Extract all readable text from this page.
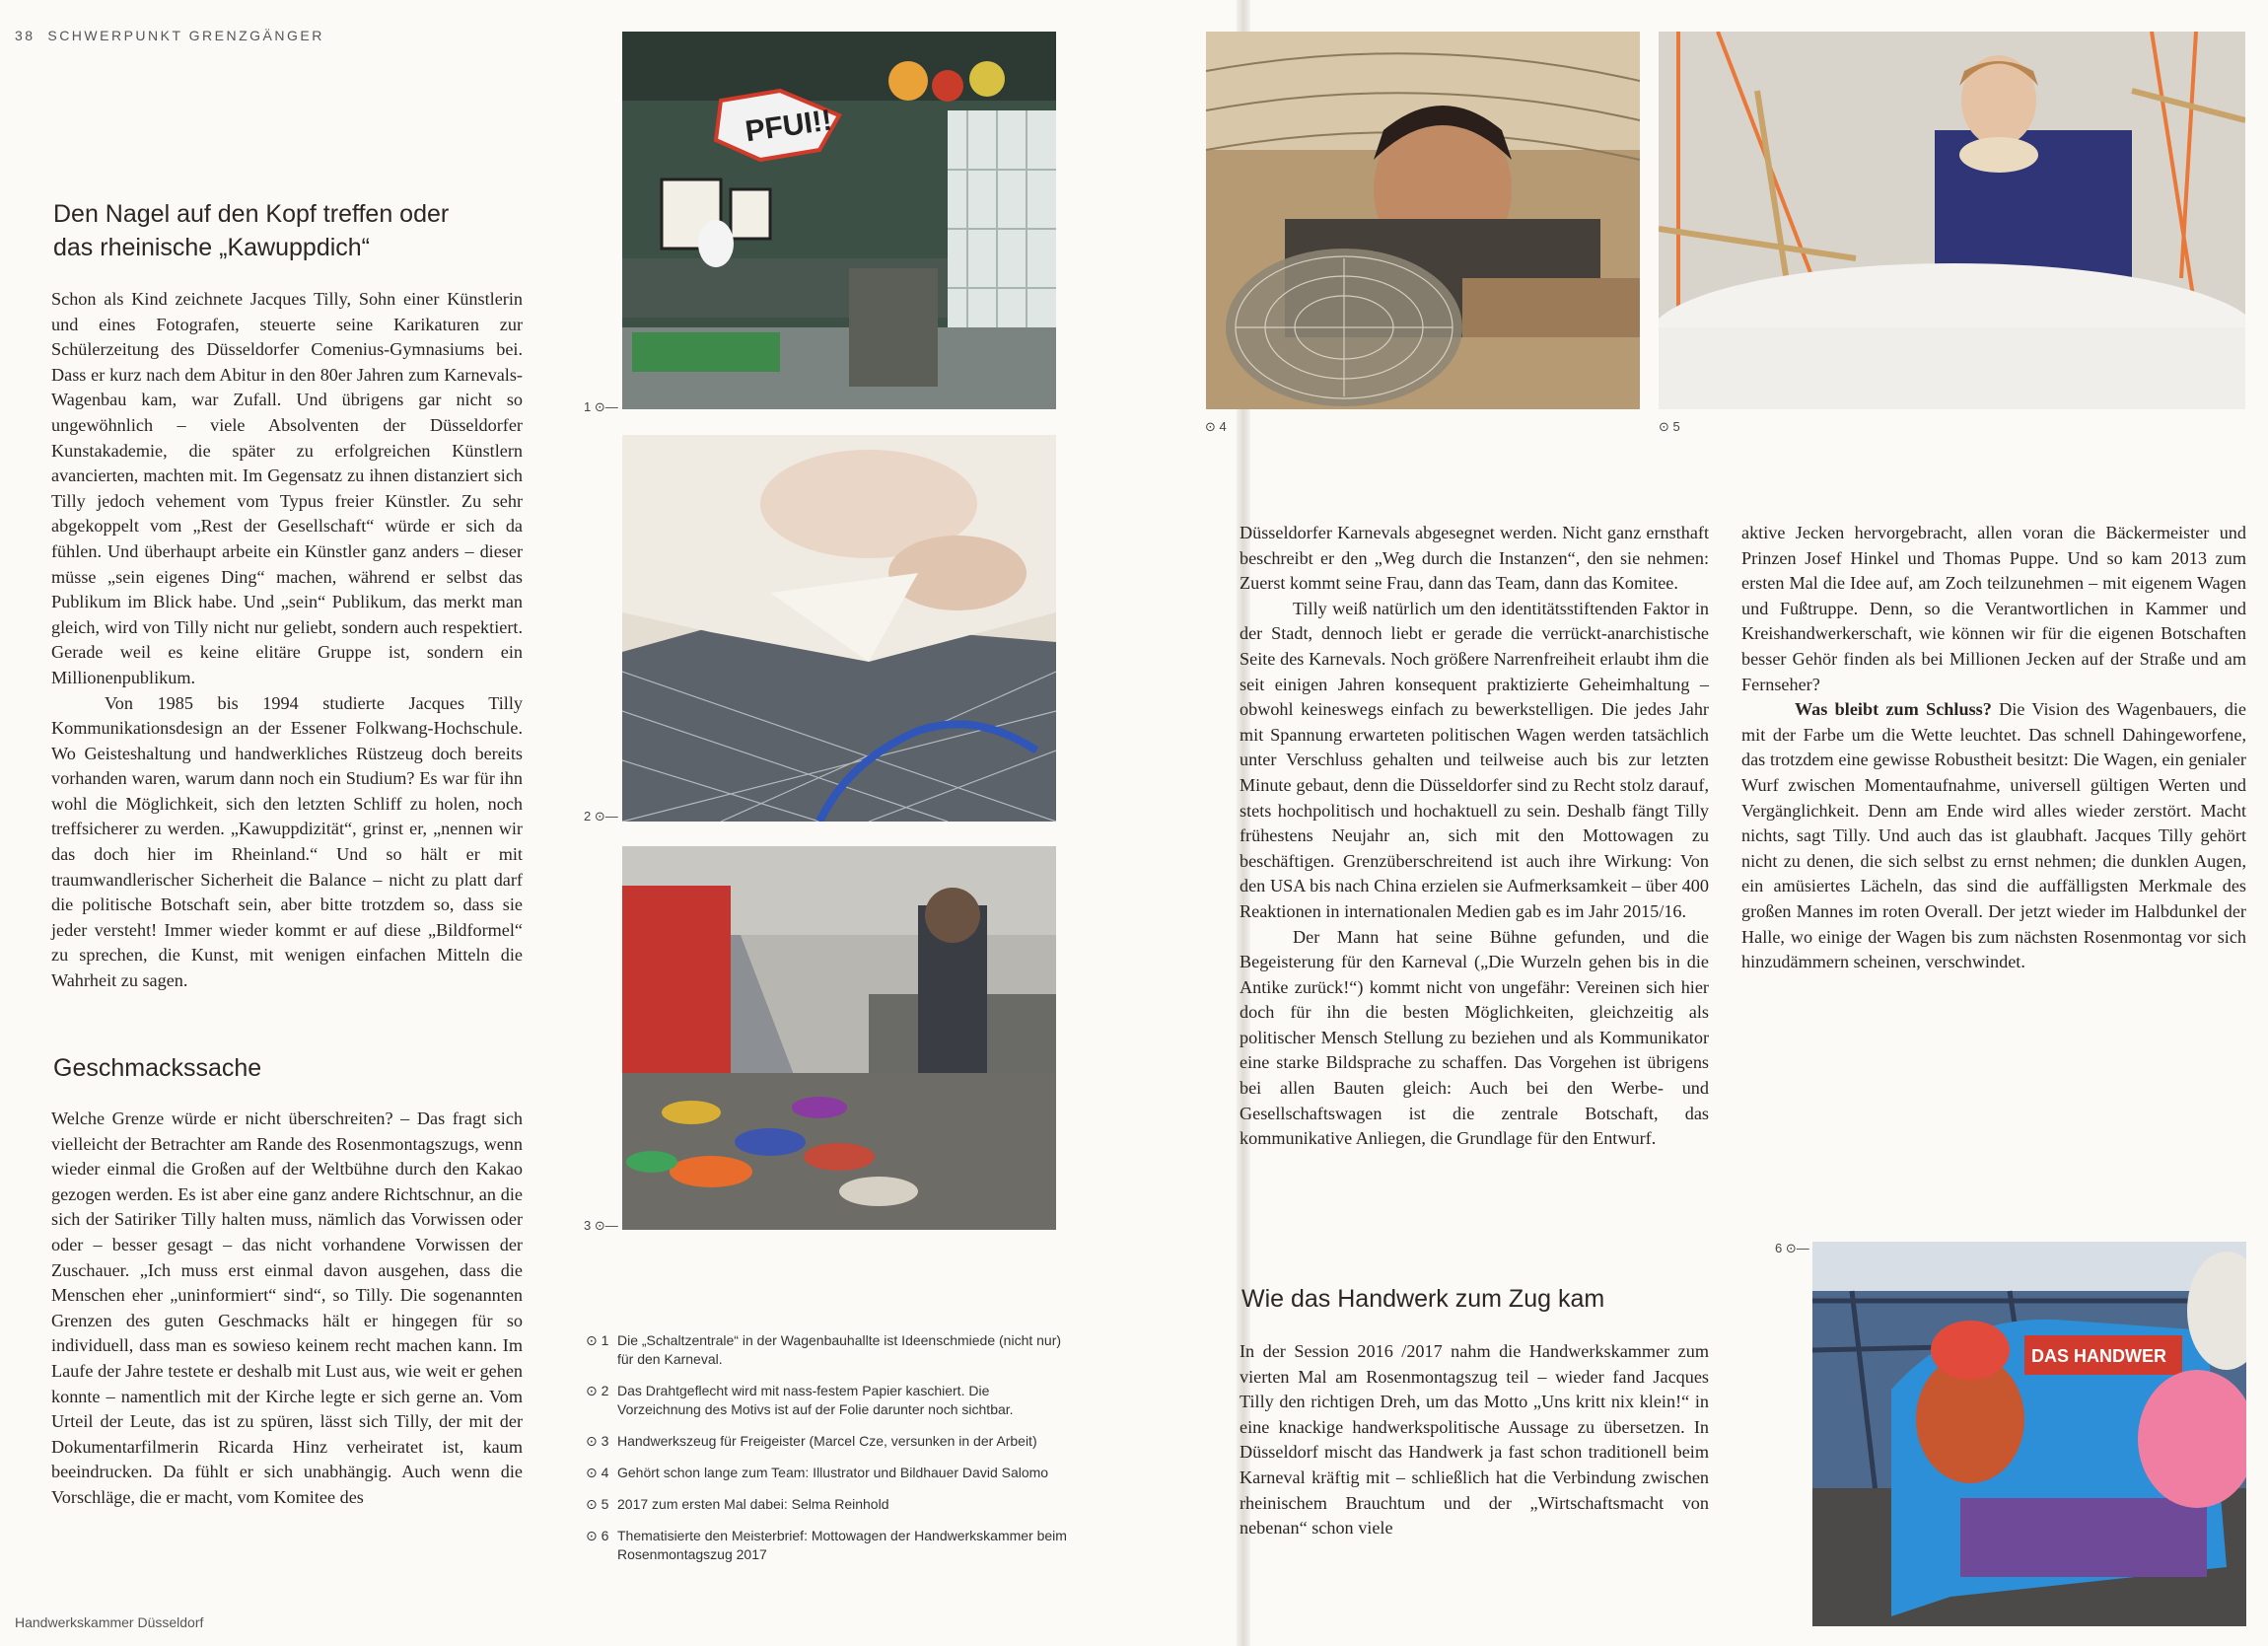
38 SCHWERPUNKT GRENZGÄNGER
Handwerkskammer Düsseldorf
Den Nagel auf den Kopf treffen oder
das rheinische „Kawuppdich“

Schon als Kind zeichnete Jacques Tilly, Sohn einer Künstlerin und eines Fotografen, steuerte seine Karikaturen zur Schülerzeitung des Düsseldorfer Comenius-Gymnasiums bei. Dass er kurz nach dem Abitur in den 80er Jahren zum Karnevals-Wagenbau kam, war Zufall. Und übrigens gar nicht so ungewöhnlich – viele Absolventen der Düsseldorfer Kunstakademie, die später zu erfolgreichen Künstlern avancierten, machten mit. Im Gegensatz zu ihnen distanziert sich Tilly jedoch vehement vom Typus freier Künstler. Zu sehr abgekoppelt vom „Rest der Gesellschaft“ würde er sich da fühlen. Und überhaupt arbeite ein Künstler ganz anders – dieser müsse „sein eigenes Ding“ machen, während er selbst das Publikum im Blick habe. Und „sein“ Publikum, das merkt man gleich, wird von Tilly nicht nur geliebt, sondern auch respektiert. Gerade weil es keine elitäre Gruppe ist, sondern ein Millionenpublikum.

Von 1985 bis 1994 studierte Jacques Tilly Kommunikationsdesign an der Essener Folkwang-Hochschule. Wo Geisteshaltung und handwerkliches Rüstzeug doch bereits vorhanden waren, warum dann noch ein Studium? Es war für ihn wohl die Möglichkeit, sich den letzten Schliff zu holen, noch treffsicherer zu werden. „Kawuppdizität“, grinst er, „nennen wir das doch hier im Rheinland.“ Und so hält er mit traumwandlerischer Sicherheit die Balance – nicht zu platt darf die politische Botschaft sein, aber bitte trotzdem so, dass sie jeder versteht! Immer wieder kommt er auf diese „Bildformel“ zu sprechen, die Kunst, mit wenigen einfachen Mitteln die Wahrheit zu sagen.

Geschmackssache

Welche Grenze würde er nicht überschreiten? – Das fragt sich vielleicht der Betrachter am Rande des Rosenmontagszugs, wenn wieder einmal die Großen auf der Weltbühne durch den Kakao gezogen werden. Es ist aber eine ganz andere Richtschnur, an die sich der Satiriker Tilly halten muss, nämlich das Vorwissen oder oder – besser gesagt – das nicht vorhandene Vorwissen der Zuschauer. „Ich muss erst einmal davon ausgehen, dass die Menschen eher „uninformiert“ sind“, so Tilly. Die sogenannten Grenzen des guten Geschmacks hält er hingegen für so individuell, dass man es sowieso keinem recht machen kann. Im Laufe der Jahre testete er deshalb mit Lust aus, wie weit er gehen konnte – namentlich mit der Kirche legte er sich gerne an. Vom Urteil der Leute, das ist zu spüren, lässt sich Tilly, der mit der Dokumentarfilmerin Ricarda Hinz verheiratet ist, kaum beeindrucken. Da fühlt er sich unabhängig. Auch wenn die Vorschläge, die er macht, vom Komitee des

PFUI!!
1 ⊙—
2 ⊙—
3 ⊙—
⊙ 1 Die „Schaltzentrale“ in der Wagenbauhallte ist Ideenschmiede (nicht nur) für den Karneval.
⊙ 2 Das Drahtgeflecht wird mit nass-festem Papier kaschiert. Die Vorzeichnung des Motivs ist auf der Folie darunter noch sichtbar.
⊙ 3 Handwerkszeug für Freigeister (Marcel Cze, versunken in der Arbeit)
⊙ 4 Gehört schon lange zum Team: Illustrator und Bildhauer David Salomo
⊙ 5 2017 zum ersten Mal dabei: Selma Reinhold
⊙ 6 Thematisierte den Meisterbrief: Mottowagen der Handwerkskammer beim Rosenmontagszug 2017
⊙ 4	⊙ 5

Düsseldorfer Karnevals abgesegnet werden. Nicht ganz ernsthaft beschreibt er den „Weg durch die Instanzen“, den sie nehmen: Zuerst kommt seine Frau, dann das Team, dann das Komitee.

Tilly weiß natürlich um den identitätsstiftenden Faktor in der Stadt, dennoch liebt er gerade die verrückt-anarchistische Seite des Karnevals. Noch größere Narrenfreiheit erlaubt ihm die seit einigen Jahren konsequent praktizierte Geheimhaltung – obwohl keineswegs einfach zu bewerkstelligen. Die jedes Jahr mit Spannung erwarteten politischen Wagen werden tatsächlich unter Verschluss gehalten und teilweise auch bis zur letzten Minute gebaut, denn die Düsseldorfer sind zu Recht stolz darauf, stets hochpolitisch und hochaktuell zu sein. Deshalb fängt Tilly frühestens Neujahr an, sich mit den Mottowagen zu beschäftigen. Grenzüberschreitend ist auch ihre Wirkung: Von den USA bis nach China erzielen sie Aufmerksamkeit – über 400 Reaktionen in internationalen Medien gab es im Jahr 2015/16.

Der Mann hat seine Bühne gefunden, und die Begeisterung für den Karneval („Die Wurzeln gehen bis in die Antike zurück!“) kommt nicht von ungefähr: Vereinen sich hier doch für ihn die besten Möglichkeiten, gleichzeitig als politischer Mensch Stellung zu beziehen und als Kommunikator eine starke Bildsprache zu schaffen. Das Vorgehen ist übrigens bei allen Bauten gleich: Auch bei den Werbe- und Gesellschaftswagen ist die zentrale Botschaft, das kommunikative Anliegen, die Grundlage für den Entwurf.

Wie das Handwerk zum Zug kam

In der Session 2016 /2017 nahm die Handwerkskammer zum vierten Mal am Rosenmontagszug teil – wieder fand Jacques Tilly den richtigen Dreh, um das Motto „Uns kritt nix klein!“ in eine knackige handwerkspolitische Aussage zu übersetzen. In Düsseldorf mischt das Handwerk ja fast schon traditionell beim Karneval kräftig mit – schließlich hat die Verbindung zwischen rheinischem Brauchtum und der „Wirtschaftsmacht von nebenan“ schon viele

aktive Jecken hervorgebracht, allen voran die Bäckermeister und Prinzen Josef Hinkel und Thomas Puppe. Und so kam 2013 zum ersten Mal die Idee auf, am Zoch teilzunehmen – mit eigenem Wagen und Fußtruppe. Denn, so die Verantwortlichen in Kammer und Kreishandwerkerschaft, wie können wir für die eigenen Botschaften besser Gehör finden als bei Millionen Jecken auf der Straße und am Fernseher?

Was bleibt zum Schluss? Die Vision des Wagenbauers, die mit der Farbe um die Wette leuchtet. Das schnell Dahingeworfene, das trotzdem eine gewisse Robustheit besitzt: Die Wagen, ein genialer Wurf zwischen Momentaufnahme, universell gültigen Werten und Vergänglichkeit. Denn am Ende wird alles wieder zerstört. Macht nichts, sagt Tilly. Und auch das ist glaubhaft. Jacques Tilly gehört nicht zu denen, die sich selbst zu ernst nehmen; die dunklen Augen, ein amüsiertes Lächeln, das sind die auffälligsten Merkmale des großen Mannes im roten Overall. Der jetzt wieder im Halbdunkel der Halle, wo einige der Wagen bis zum nächsten Rosenmontag vor sich hinzudämmern scheinen, verschwindet.

DAS HANDWER
6 ⊙—
